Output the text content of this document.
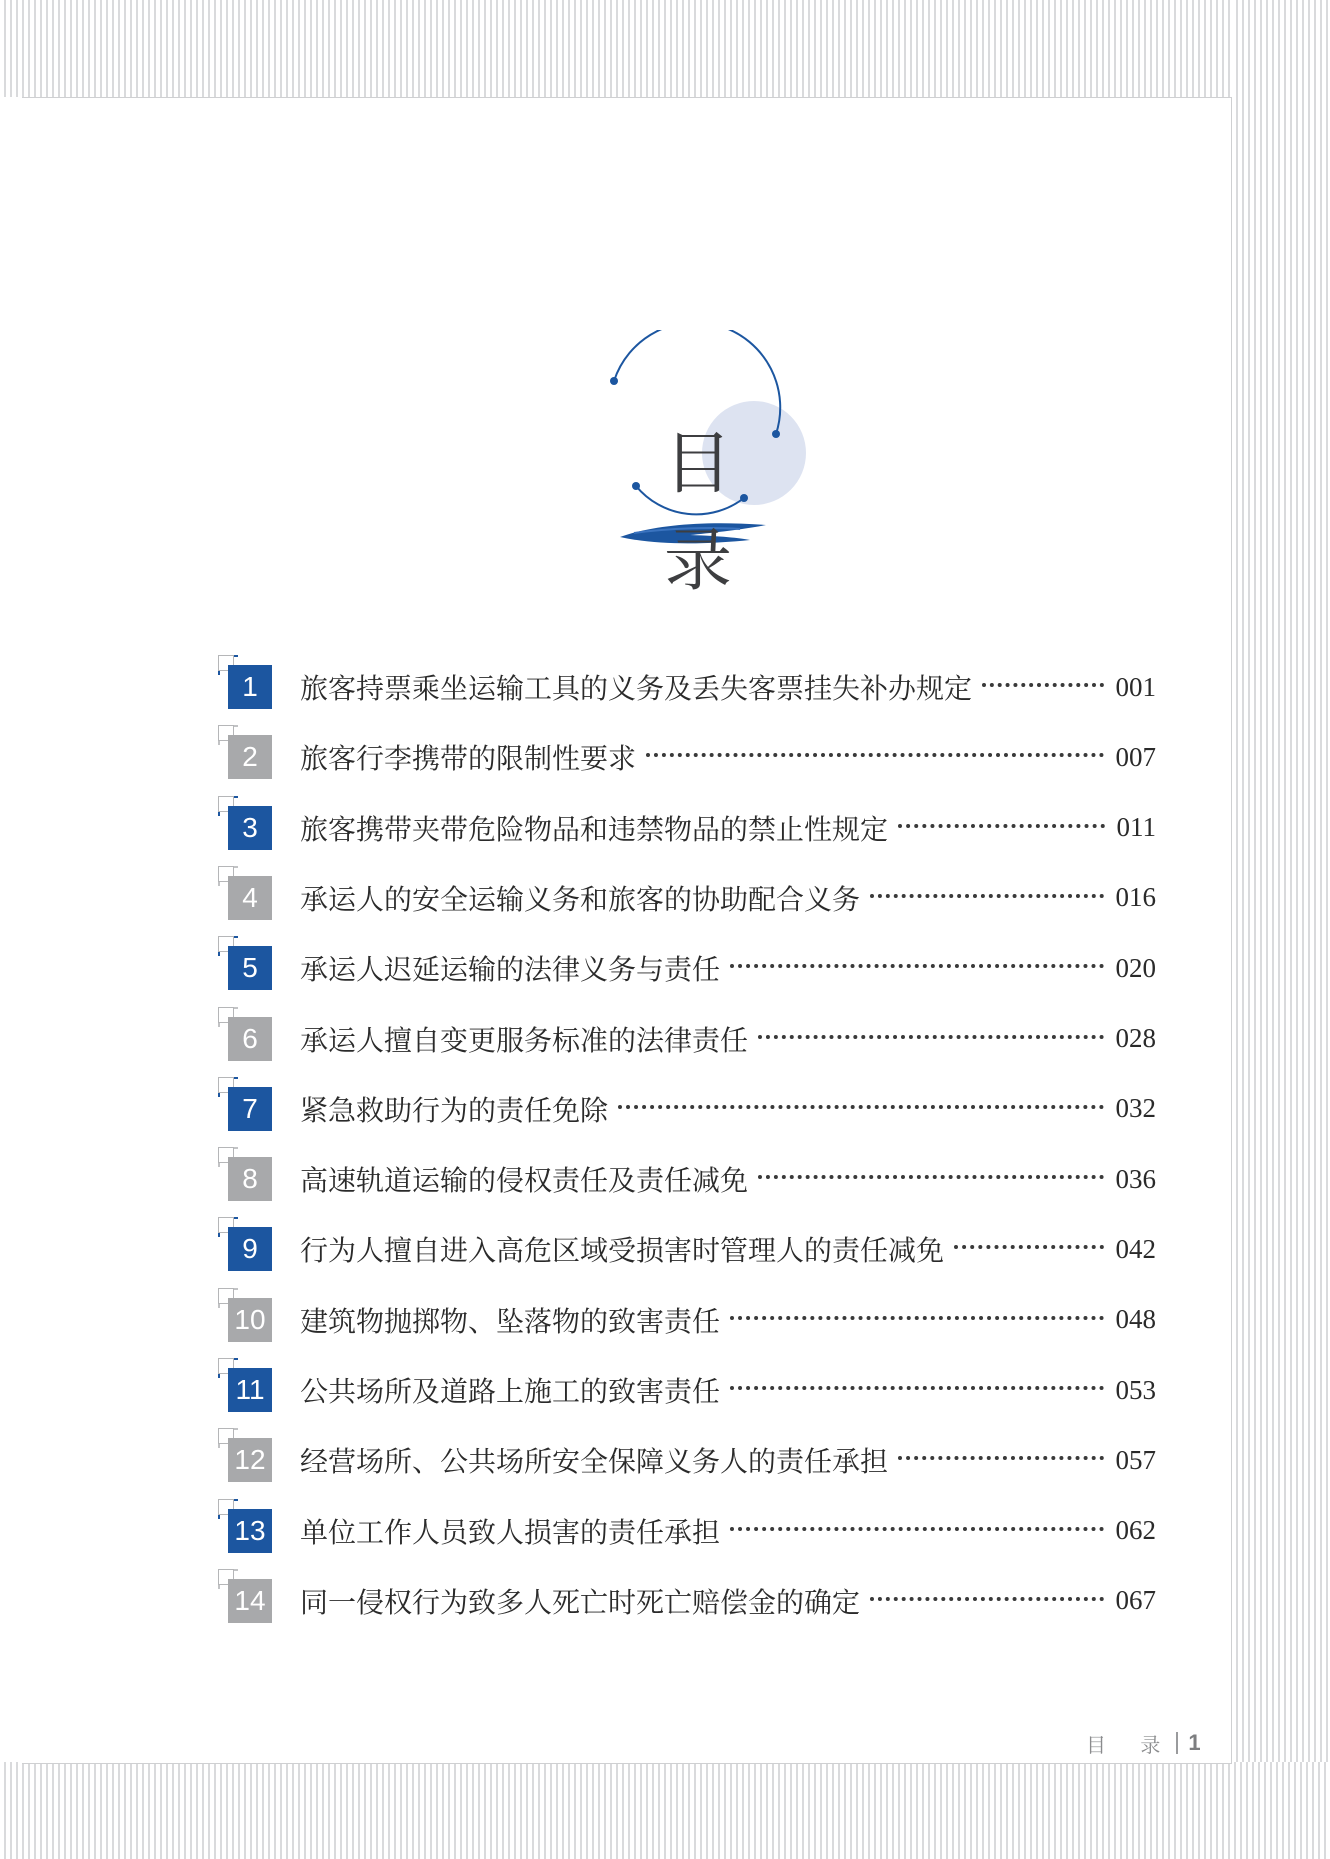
目 录
1	旅客持票乘坐运输工具的义务及丢失客票挂失补办规定	001
2	旅客行李携带的限制性要求	007
3	旅客携带夹带危险物品和违禁物品的禁止性规定	011
4	承运人的安全运输义务和旅客的协助配合义务	016
5	承运人迟延运输的法律义务与责任	020
6	承运人擅自变更服务标准的法律责任	028
7	紧急救助行为的责任免除	032
8	高速轨道运输的侵权责任及责任减免	036
9	行为人擅自进入高危区域受损害时管理人的责任减免	042
10 建筑物抛掷物、坠落物的致害责任	048
11 公共场所及道路上施工的致害责任	053
12 经营场所、公共场所安全保障义务人的责任承担	057
13 单位工作人员致人损害的责任承担	062
14 同一侵权行为致多人死亡时死亡赔偿金的确定	067
目 录 1
